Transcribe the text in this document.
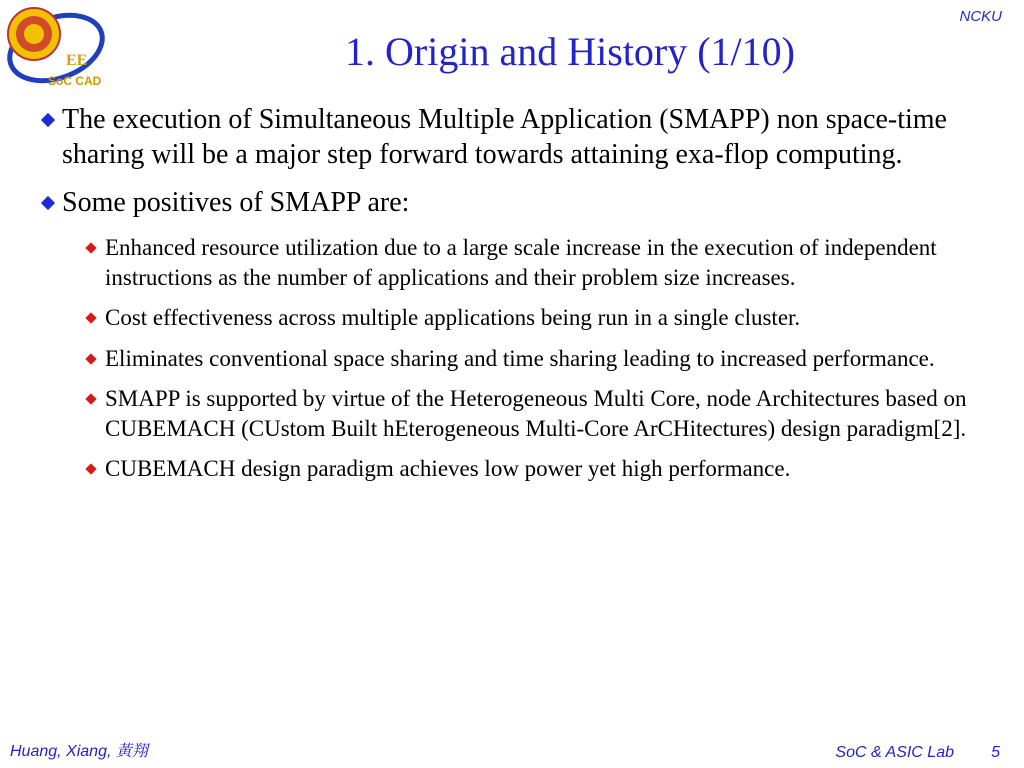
EE
SoC CAD
NCKU
1. Origin and History (1/10)
The execution of Simultaneous Multiple Application (SMAPP) non space-time sharing will be a major step forward towards attaining exa-flop computing.
Some positives of SMAPP are:
Enhanced resource utilization due to a large scale increase in the execution of independent instructions as the number of applications and their problem size increases.
Cost effectiveness across multiple applications being run in a single cluster.
Eliminates conventional space sharing and time sharing leading to increased performance.
SMAPP is supported by virtue of the Heterogeneous Multi Core, node Architectures based on CUBEMACH (CUstom Built hEterogeneous Multi-Core ArCHitectures) design paradigm[2].
CUBEMACH design paradigm achieves low power yet high performance.
Huang, Xiang, 黃翔	SoC & ASIC Lab 5
